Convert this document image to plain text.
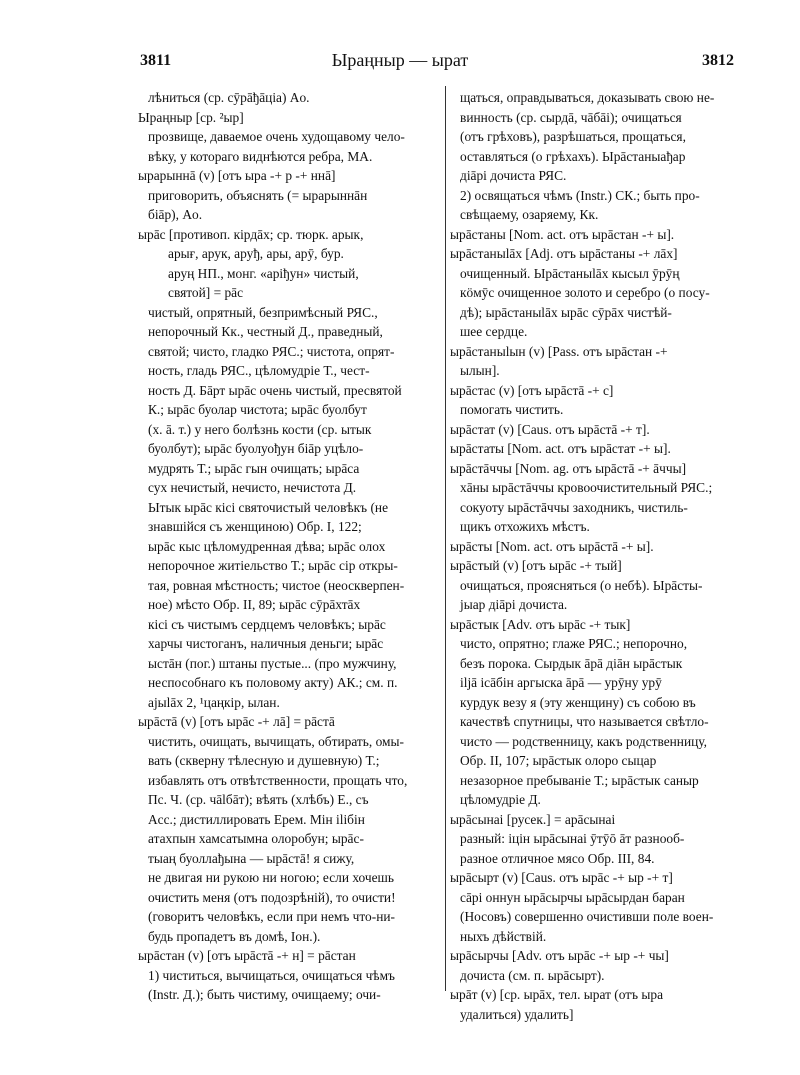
3811	Ыраңныр — ырат	3812
лѣниться (ср. сӯрāђāцiа) Ao.
Ыраңныр [ср. ²ыр]
прозвище, даваемое очень худощавому чело-
вѣку, у котораго виднѣются ребра, МА.
ырарыннā (v) [отъ ыра -+ р -+ ннā]
приговорить, объяснять (= ырарыннāн
бiāр), Ao.
ырāс [противоп. кiрдāх; ср. тюрк. арык,
арығ, арук, аруђ, ары, арӯ, бур.
аруң НП., монг. «арiђун» чистый,
святой] = рāс
чистый, опрятный, безпримѣсный РЯС.,
непорочный Кк., честный Д., праведный,
святой; чисто, гладко РЯС.; чистота, опрят-
ность, гладь РЯС., цѣломудрiе Т., чест-
ность Д. Бāрт ырāс очень чистый, пресвятой
К.; ырāс буолар чистота; ырāс буолбут
(х. ā. т.) у него болѣзнь кости (ср. ытык
буолбут); ырāс буолуођун бiāр уцѣло-
мудрять Т.; ырāс гын очищать; ырāса
сух нечистый, нечисто, нечистота Д.
Ытык ырāс кiсi святочистый человѣкъ (не
знавшiйся съ женщиною) Обр. I, 122;
ырāс кыс цѣломудренная дѣва; ырāс олох
непорочное житiельство Т.; ырāс сiр откры-
тая, ровная мѣстность; чистое (неоскверпен-
ное) мѣсто Обр. II, 89; ырāс сӯрāхтāх
кiсi съ чистымъ сердцемъ человѣкъ; ырāс
харчы чистоганъ, наличныя деньги; ырāс
ыстāн (пог.) штаны пустые... (про мужчину,
неспособнаго къ половому акту) АК.; см. п.
аjыlāх 2, ¹цаңкiр, ылан.
ырāстā (v) [отъ ырāс -+ лā] = рāстā
чистить, очищать, вычищать, обтирать, омы-
вать (скверну тѣлесную и душевную) Т.;
избавлять отъ отвѣтственности, прощать что,
Пс. Ч. (ср. чālбāт); вѣять (хлѣбъ) Е., съ
Acc.; дистиллировать Ерем. Мiн iliбiн
атахпын хамсатымна олоробун; ырāс-
тыаң буоллађына — ырāстā! я сижу,
не двигая ни рукою ни ногою; если хочешь
очистить меня (отъ подозрѣнiй), то очисти!
(говоритъ человѣкъ, если при немъ что-ни-
будь пропадетъ въ домѣ, Iон.).
ырāстан (v) [отъ ырāстā -+ н] = рāстан
1) чиститься, вычищаться, очищаться чѣмъ
(Instr. Д.); быть чистиму, очищаему; очи-
щаться, оправдываться, доказывать свою не-
винность (ср. сырдā, чāбāi); очищаться
(отъ грѣховъ), разрѣшаться, прощаться,
оставляться (о грѣхахъ). Ырāстаныађар
дiāрi дочиста РЯС.
2) освящаться чѣмъ (Instr.) СК.; быть про-
свѣщаему, озаряему, Кк.
ырāстаны [Nom. act. отъ ырāстан -+ ы].
ырāстаныlāх [Adj. отъ ырāстаны -+ лāх]
очищенный. Ырāстаныlāх кысыл ӯрӯң
кӧмӯс очищенное золото и серебро (о посу-
дѣ); ырāстаныlāх ырāс сӯрāх чистѣй-
шее сердце.
ырāстаныlын (v) [Pass. отъ ырāстан -+
ылын].
ырāстас (v) [отъ ырāстā -+ с]
помогать чистить.
ырāстат (v) [Caus. отъ ырāстā -+ т].
ырāстаты [Nom. act. отъ ырāстат -+ ы].
ырāстāччы [Nom. ag. отъ ырāстā -+ āччы]
хāны ырāстāччы кровоочистительный РЯС.;
сокуоту ырāстāччы заходникъ, чистиль-
щикъ отхожихъ мѣстъ.
ырāсты [Nom. act. отъ ырāстā -+ ы].
ырāстый (v) [отъ ырāс -+ тый]
очищаться, проясняться (о небѣ). Ырāсты-
jыар дiāрi дочиста.
ырāстык [Adv. отъ ырāс -+ тык]
чисто, опрятно; глаже РЯС.; непорочно,
безъ порока. Сырдык āрā дiāн ырāстык
iljā iсāбiн аргыска āрā — урӯну урӯ
курдук везу я (эту женщину) съ собою въ
качествѣ спутницы, что называется свѣтло-
чисто — родственницу, какъ родственницу,
Обр. II, 107; ырāстык олоро сыцар
незазорное пребыванiе Т.; ырāстык саныр
цѣломудрiе Д.
ырāсынаi [руcек.] = арāсынаi
разный: iцiн ырāсынаi ӯтӯō āт разнооб-
разное отличное мясо Обр. III, 84.
ырāсырт (v) [Caus. отъ ырāс -+ ыр -+ т]
сāрi оннун ырāсырчы ырāсырдан баран
(Носовъ) совершенно очистивши поле воен-
ныхъ дѣйствiй.
ырāсырчы [Adv. отъ ырāс -+ ыр -+ чы]
дочиста (см. п. ырāсырт).
ырāт (v) [ср. ырāх, тел. ырат (отъ ыра
удалиться) удалить]
